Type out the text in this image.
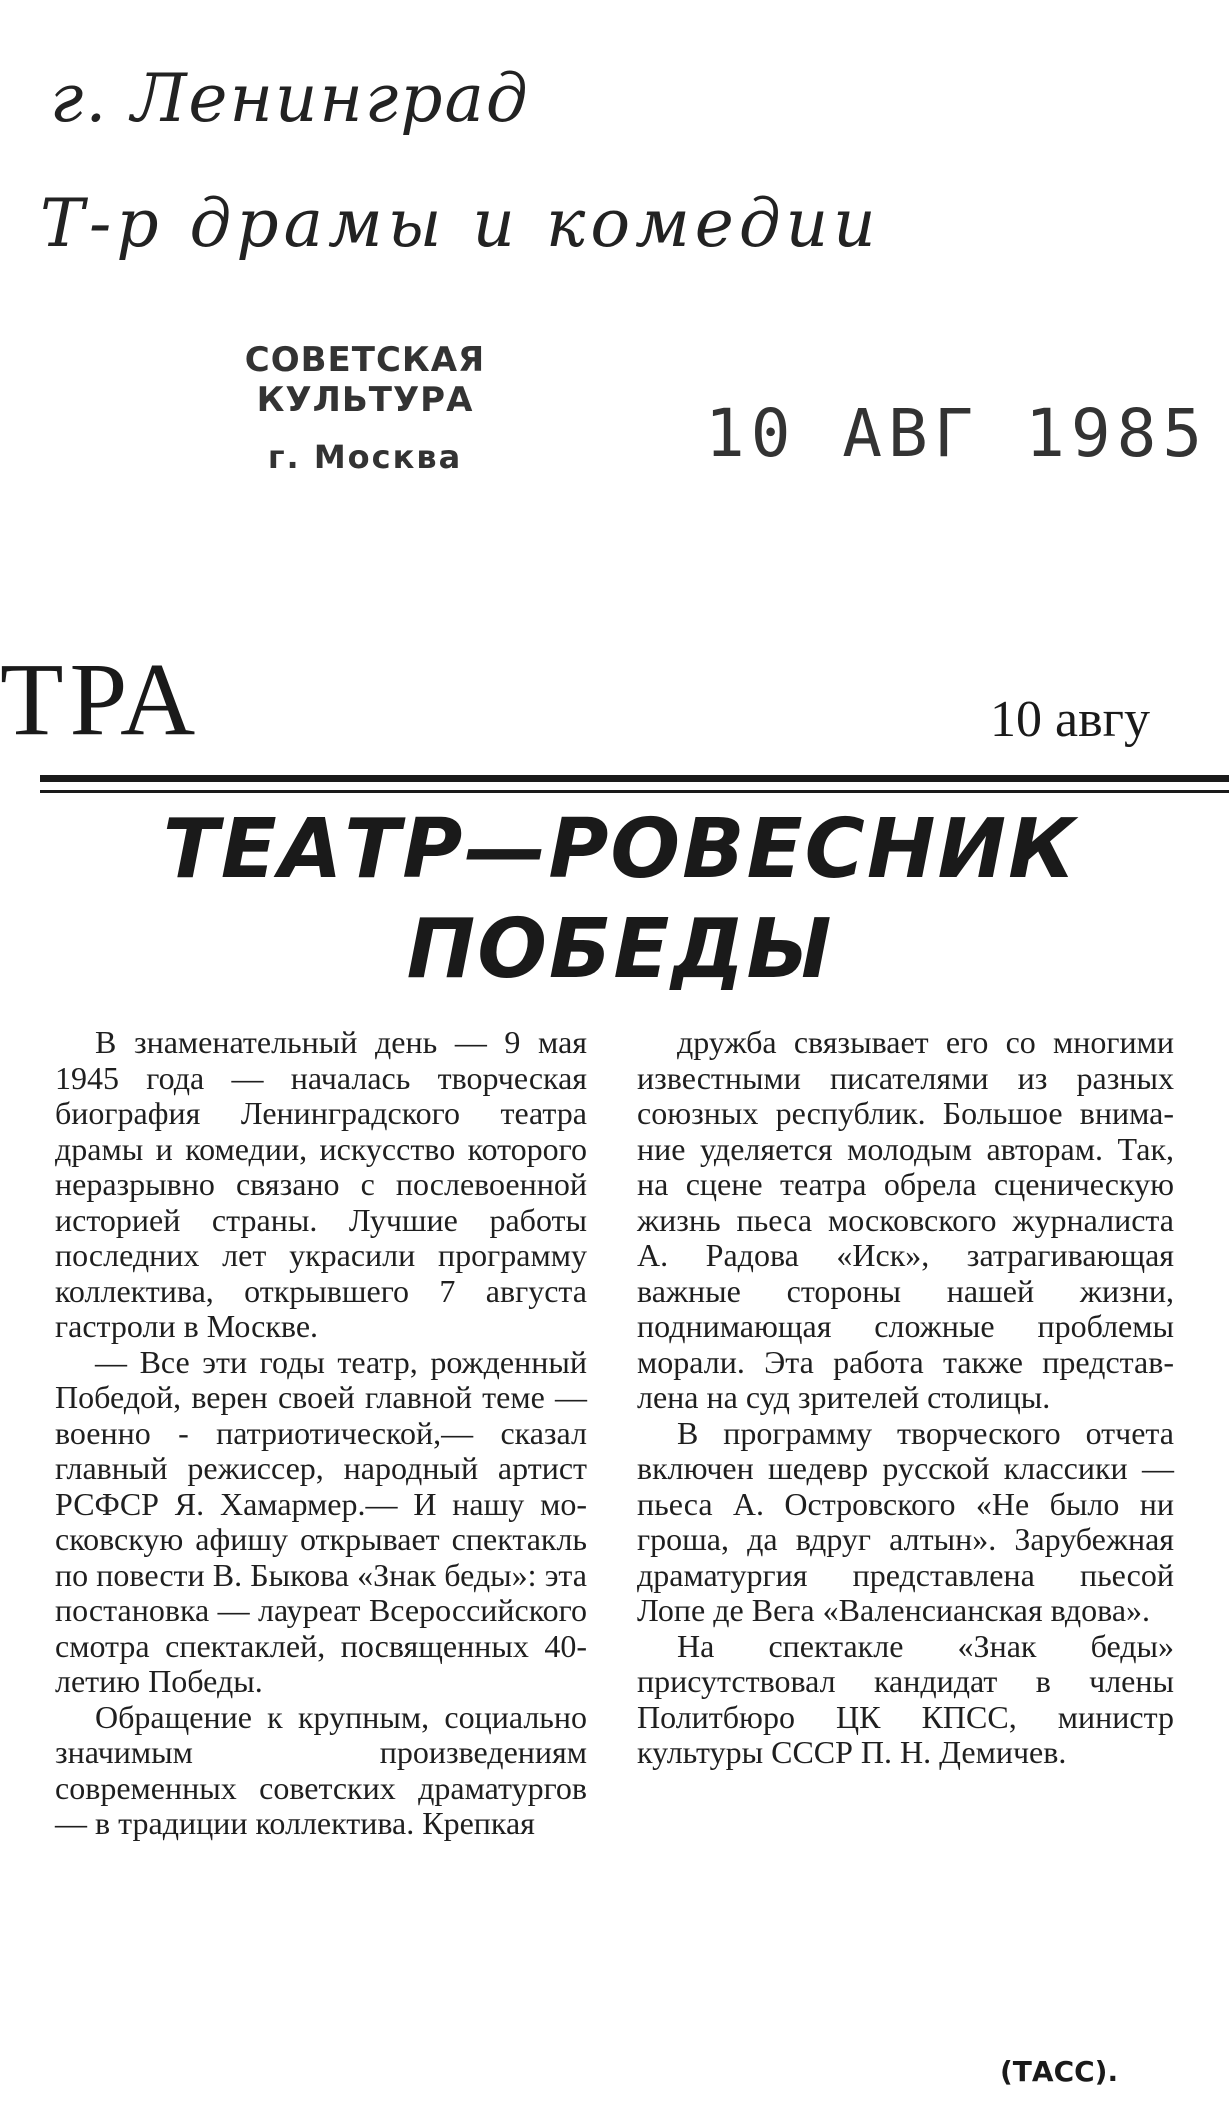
г. Ленинград
Т-р драмы и комедии
СОВЕТСКАЯ КУЛЬТУРА
г. Москва	10 АВГ 1985
ТРА	10 авгу
ТЕАТР—РОВЕСНИК
ПОБЕДЫ

В знаменательный день — 9 мая 1945 года — началась творческая биография Ленинградского театра драмы и комедии, искусство которого неразрывно связано с послевоенной историей страны. Лучшие работы последних лет украсили программу коллектива, открывшего 7 августа гастроли в Москве.

— Все эти годы театр, рожденный Победой, верен своей главной теме — военно - патриотической,— сказал главный режиссер, народный артист РСФСР Я. Хамармер.— И нашу московскую афишу открывает спектакль по повести В. Быкова «Знак беды»: эта постановка — лауреат Всероссийского смотра спектаклей, посвященных 40-летию Победы.

Обращение к крупным, социально значимым произведениям современных советских драматургов — в традиции коллектива. Крепкая

дружба связывает его со многими известными писателями из разных союзных республик. Большое внимание уделяется молодым авторам. Так, на сцене театра обрела сценическую жизнь пьеса московского журналиста А. Радова «Иск», затрагивающая важные стороны нашей жизни, поднимающая сложные проблемы морали. Эта работа также представлена на суд зрителей столицы.

В программу творческого отчета включен шедевр русской классики — пьеса А. Островского «Не было ни гроша, да вдруг алтын». Зарубежная драматургия представлена пьесой Лопе де Вега «Валенсианская вдова».

На спектакле «Знак беды» присутствовал кандидат в члены Политбюро ЦК КПСС, министр культуры СССР П. Н. Демичев.

(ТАСС).
